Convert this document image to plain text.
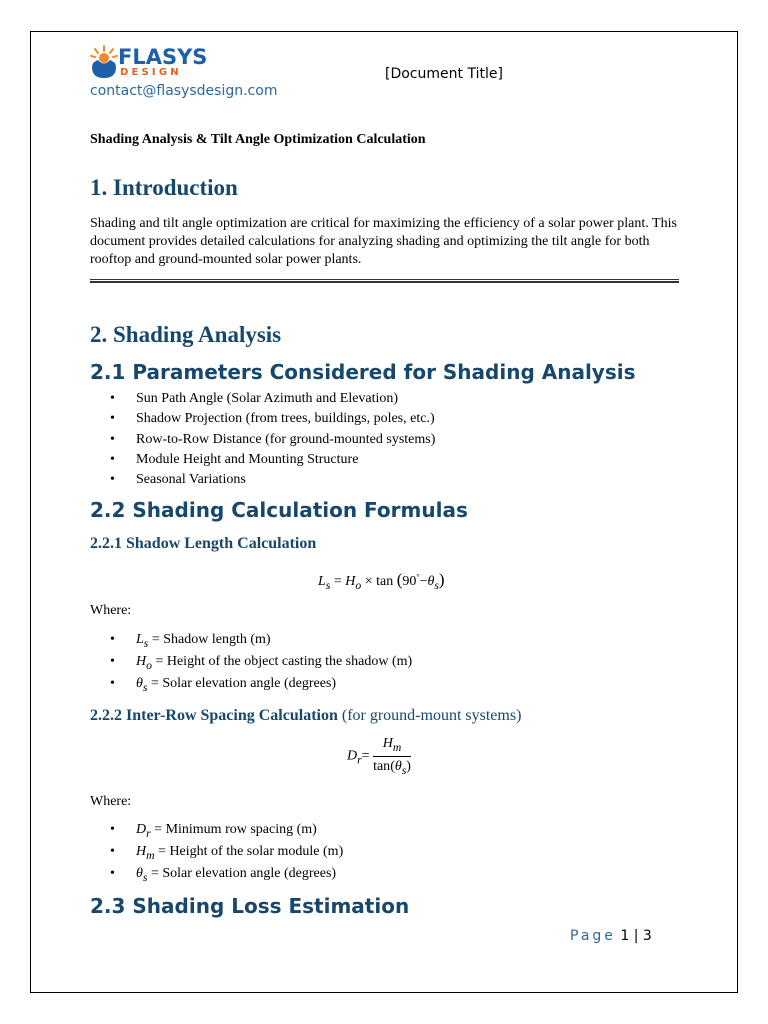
FLASYS
DESIGN
contact@flasysdesign.com
[Document Title]
Shading Analysis & Tilt Angle Optimization Calculation
1. Introduction
Shading and tilt angle optimization are critical for maximizing the efficiency of a solar power plant. This document provides detailed calculations for analyzing shading and optimizing the tilt angle for both rooftop and ground-mounted solar power plants.
2. Shading Analysis
2.1 Parameters Considered for Shading Analysis
• Sun Path Angle (Solar Azimuth and Elevation)
• Shadow Projection (from trees, buildings, poles, etc.)
• Row-to-Row Distance (for ground-mounted systems)
• Module Height and Mounting Structure
• Seasonal Variations
2.2 Shading Calculation Formulas
2.2.1 Shadow Length Calculation
$L_s = H_o \times \tan (90^\circ-\theta_s)$
Where:
• $L_s$ = Shadow length (m)
• $H_o$ = Height of the object casting the shadow (m)
• $\theta_s$ = Solar elevation angle (degrees)
2.2.2 Inter-Row Spacing Calculation (for ground-mount systems)
$D_r= \frac{H_m}{\tan(\theta_s)}$
Where:
• $D_r$ = Minimum row spacing (m)
• $H_m$ = Height of the solar module (m)
• $\theta_s$ = Solar elevation angle (degrees)
2.3 Shading Loss Estimation
Page 1 | 3
